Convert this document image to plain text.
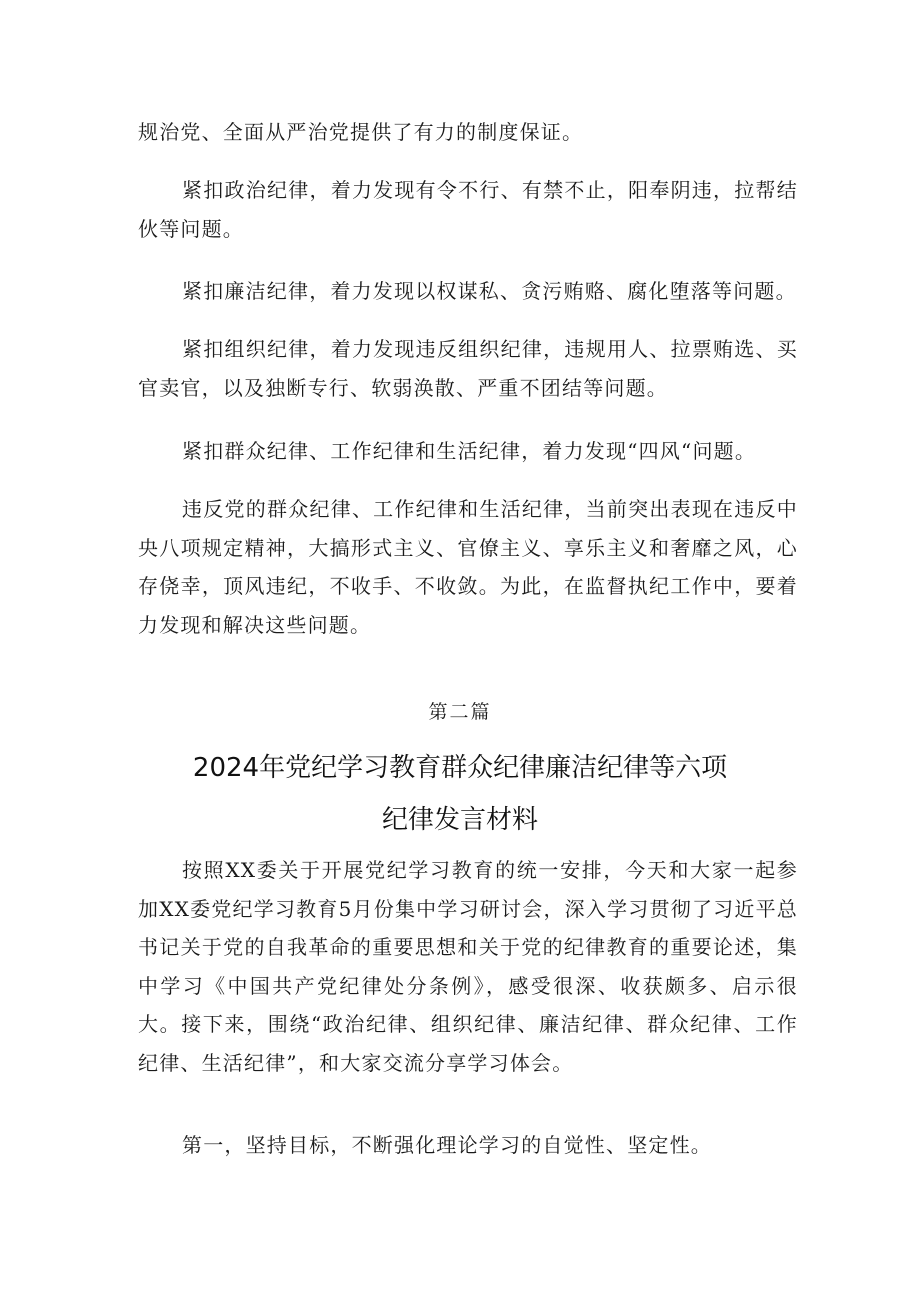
规治党、全面从严治党提供了有力的制度保证。

紧扣政治纪律，着力发现有令不行、有禁不止，阳奉阴违，拉帮结伙等问题。

紧扣廉洁纪律，着力发现以权谋私、贪污贿赂、腐化堕落等问题。

紧扣组织纪律，着力发现违反组织纪律，违规用人、拉票贿选、买官卖官，以及独断专行、软弱涣散、严重不团结等问题。

紧扣群众纪律、工作纪律和生活纪律，着力发现“四风“问题。

违反党的群众纪律、工作纪律和生活纪律，当前突出表现在违反中央八项规定精神，大搞形式主义、官僚主义、享乐主义和奢靡之风，心存侥幸，顶风违纪，不收手、不收敛。为此，在监督执纪工作中，要着力发现和解决这些问题。

第二篇

2024年党纪学习教育群众纪律廉洁纪律等六项
纪律发言材料

按照XX委关于开展党纪学习教育的统一安排，今天和大家一起参加XX委党纪学习教育5月份集中学习研讨会，深入学习贯彻了习近平总书记关于党的自我革命的重要思想和关于党的纪律教育的重要论述，集中学习《中国共产党纪律处分条例》，感受很深、收获颇多、启示很大。接下来，围绕“政治纪律、组织纪律、廉洁纪律、群众纪律、工作纪律、生活纪律”，和大家交流分享学习体会。

第一，坚持目标，不断强化理论学习的自觉性、坚定性。
